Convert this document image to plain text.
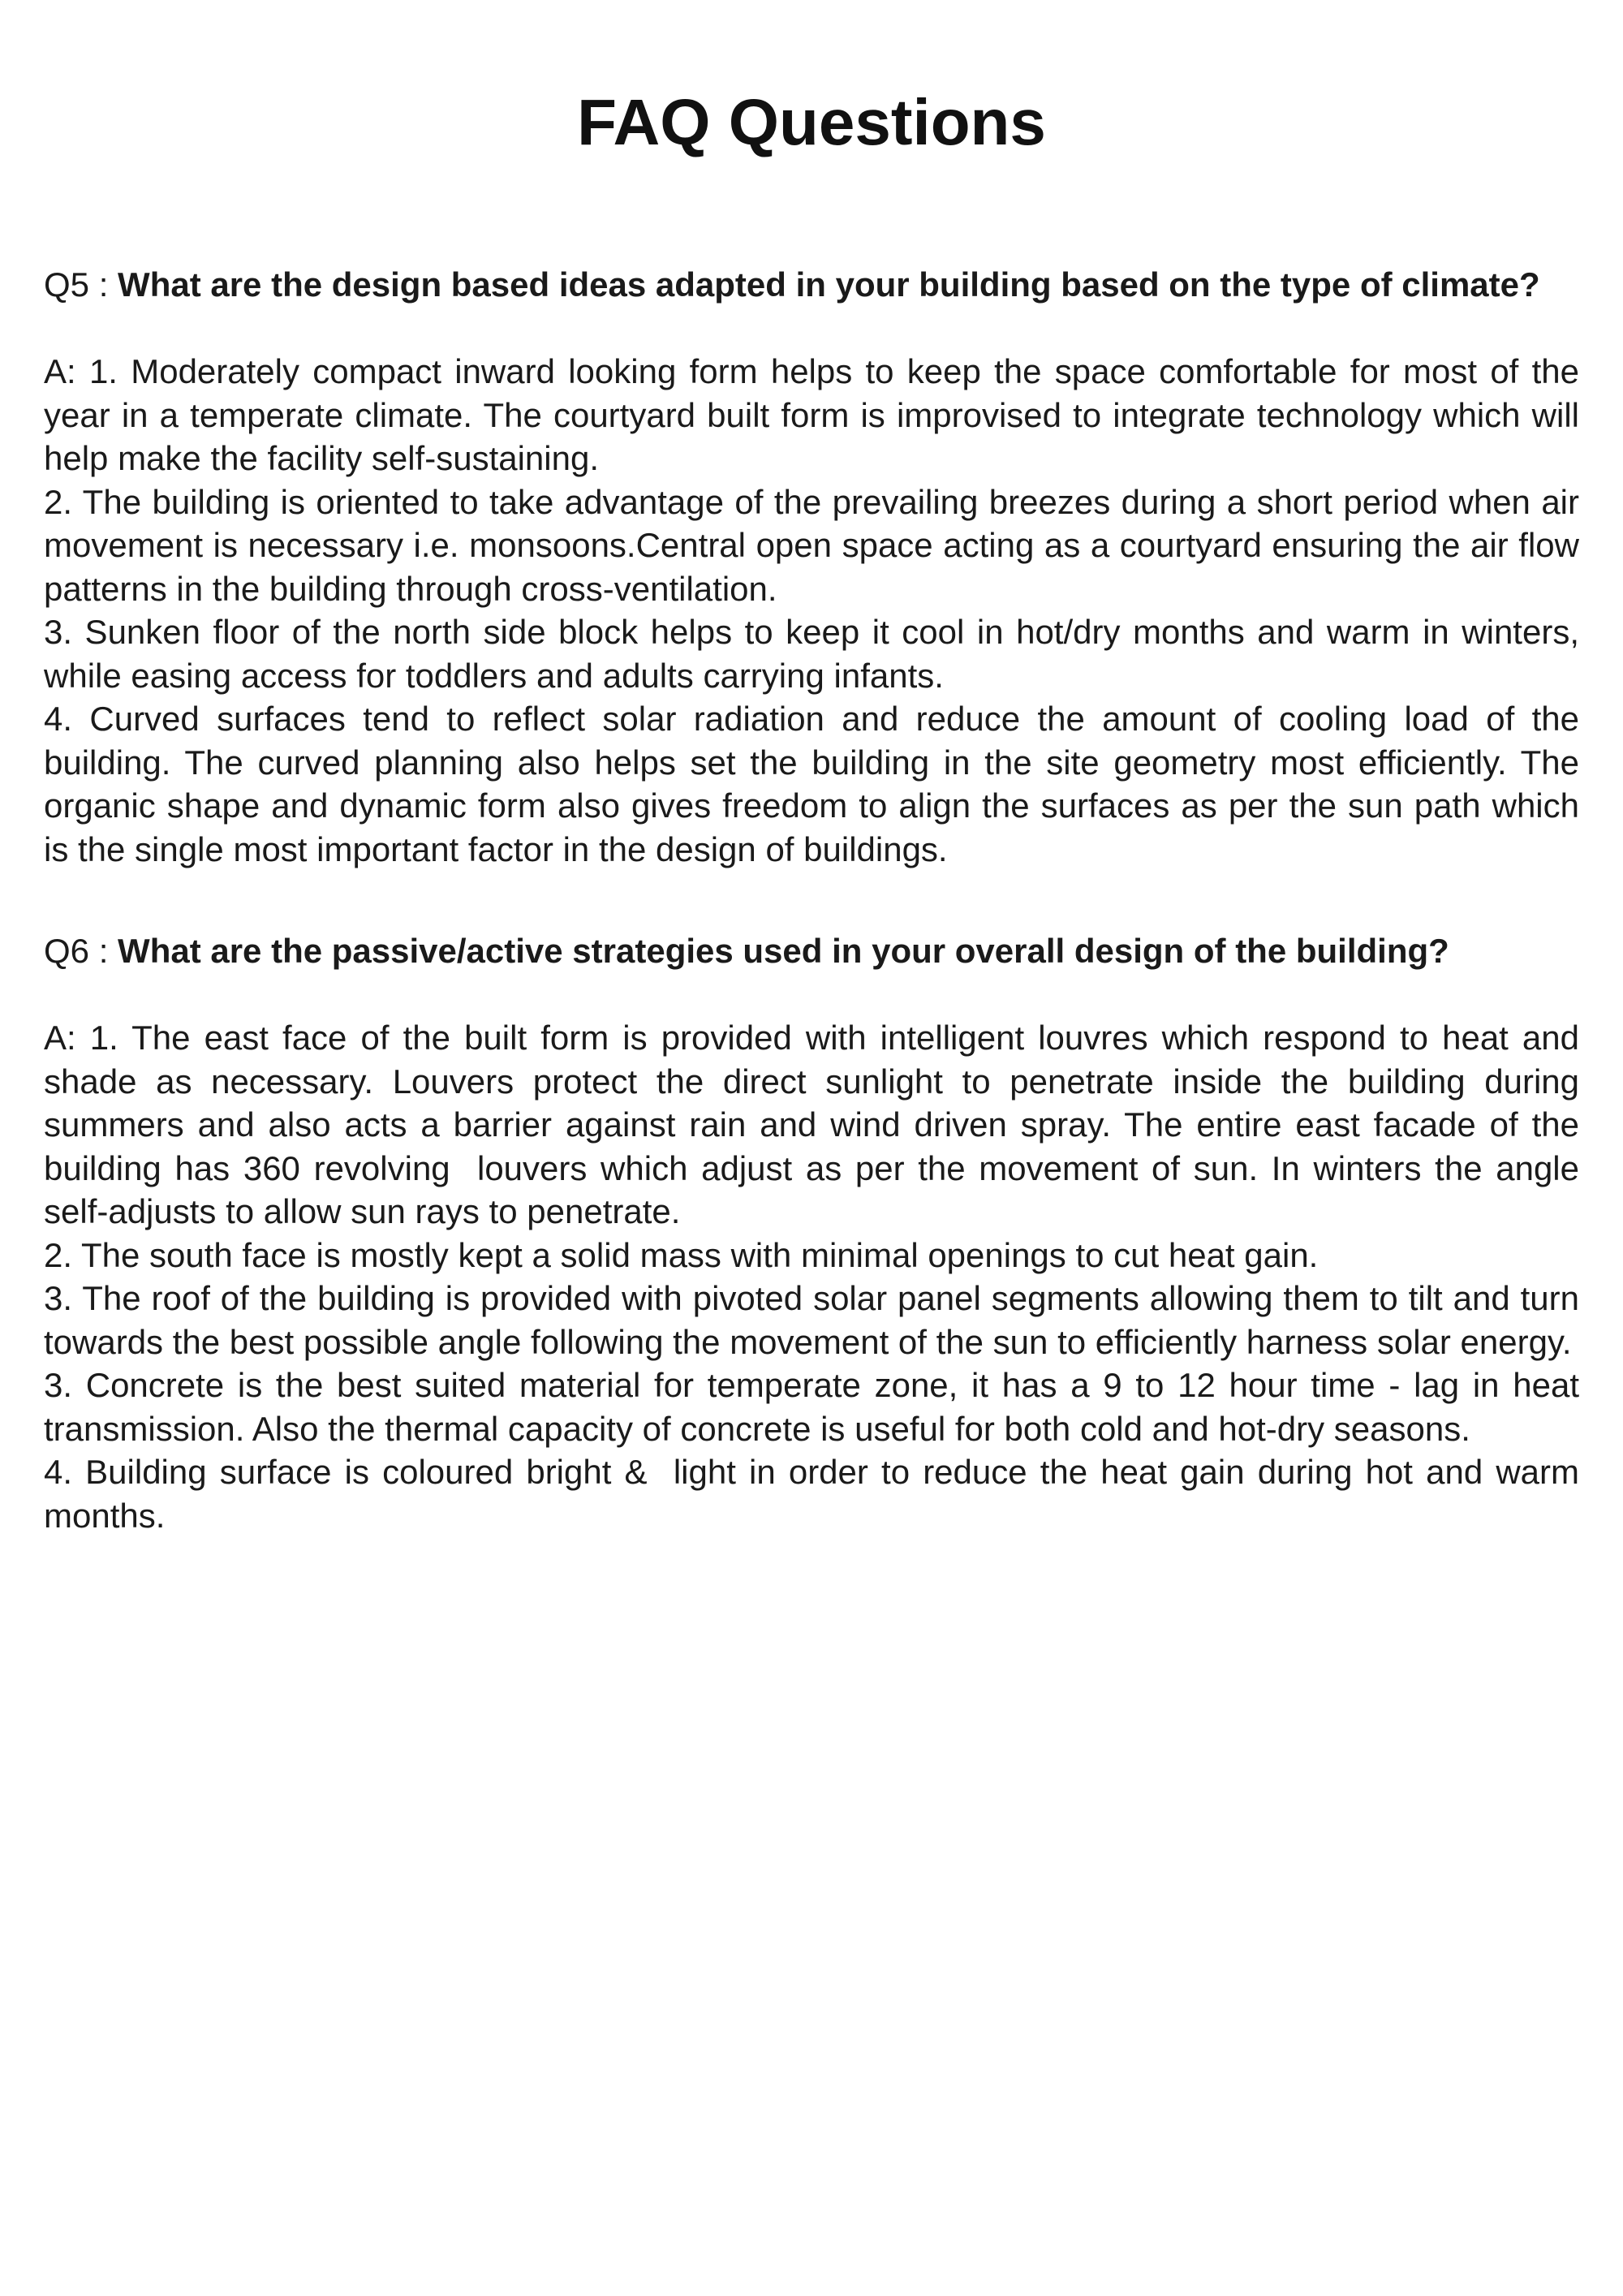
FAQ Questions

Q5 : What are the design based ideas adapted in your building based on the type of climate?

A: 1. Moderately compact inward looking form helps to keep the space comfortable for most of the year in a temperate climate. The courtyard built form is improvised to integrate technology which will help make the facility self-sustaining.

2. The building is oriented to take advantage of the prevailing breezes during a short period when air movement is necessary i.e. monsoons.Central open space acting as a courtyard ensuring the air flow patterns in the building through cross-ventilation.

3. Sunken floor of the north side block helps to keep it cool in hot/dry months and warm in winters, while easing access for toddlers and adults carrying infants.

4. Curved surfaces tend to reflect solar radiation and reduce the amount of cooling load of the building. The curved planning also helps set the building in the site geometry most efficiently. The organic shape and dynamic form also gives freedom to align the surfaces as per the sun path which is the single most important factor in the design of buildings.

Q6 : What are the passive/active strategies used in your overall design of the building?

A: 1. The east face of the built form is provided with intelligent louvres which respond to heat and shade as necessary. Louvers protect the direct sunlight to penetrate inside the building during summers and also acts a barrier against rain and wind driven spray. The entire east facade of the building has 360 revolving  louvers which adjust as per the movement of sun. In winters the angle self-adjusts to allow sun rays to penetrate.

2. The south face is mostly kept a solid mass with minimal openings to cut heat gain.

3. The roof of the building is provided with pivoted solar panel segments allowing them to tilt and turn towards the best possible angle following the movement of the sun to efficiently harness solar energy.

3. Concrete is the best suited material for temperate zone, it has a 9 to 12 hour time - lag in heat transmission. Also the thermal capacity of concrete is useful for both cold and hot-dry seasons.

4. Building surface is coloured bright &  light in order to reduce the heat gain during hot and warm months.
